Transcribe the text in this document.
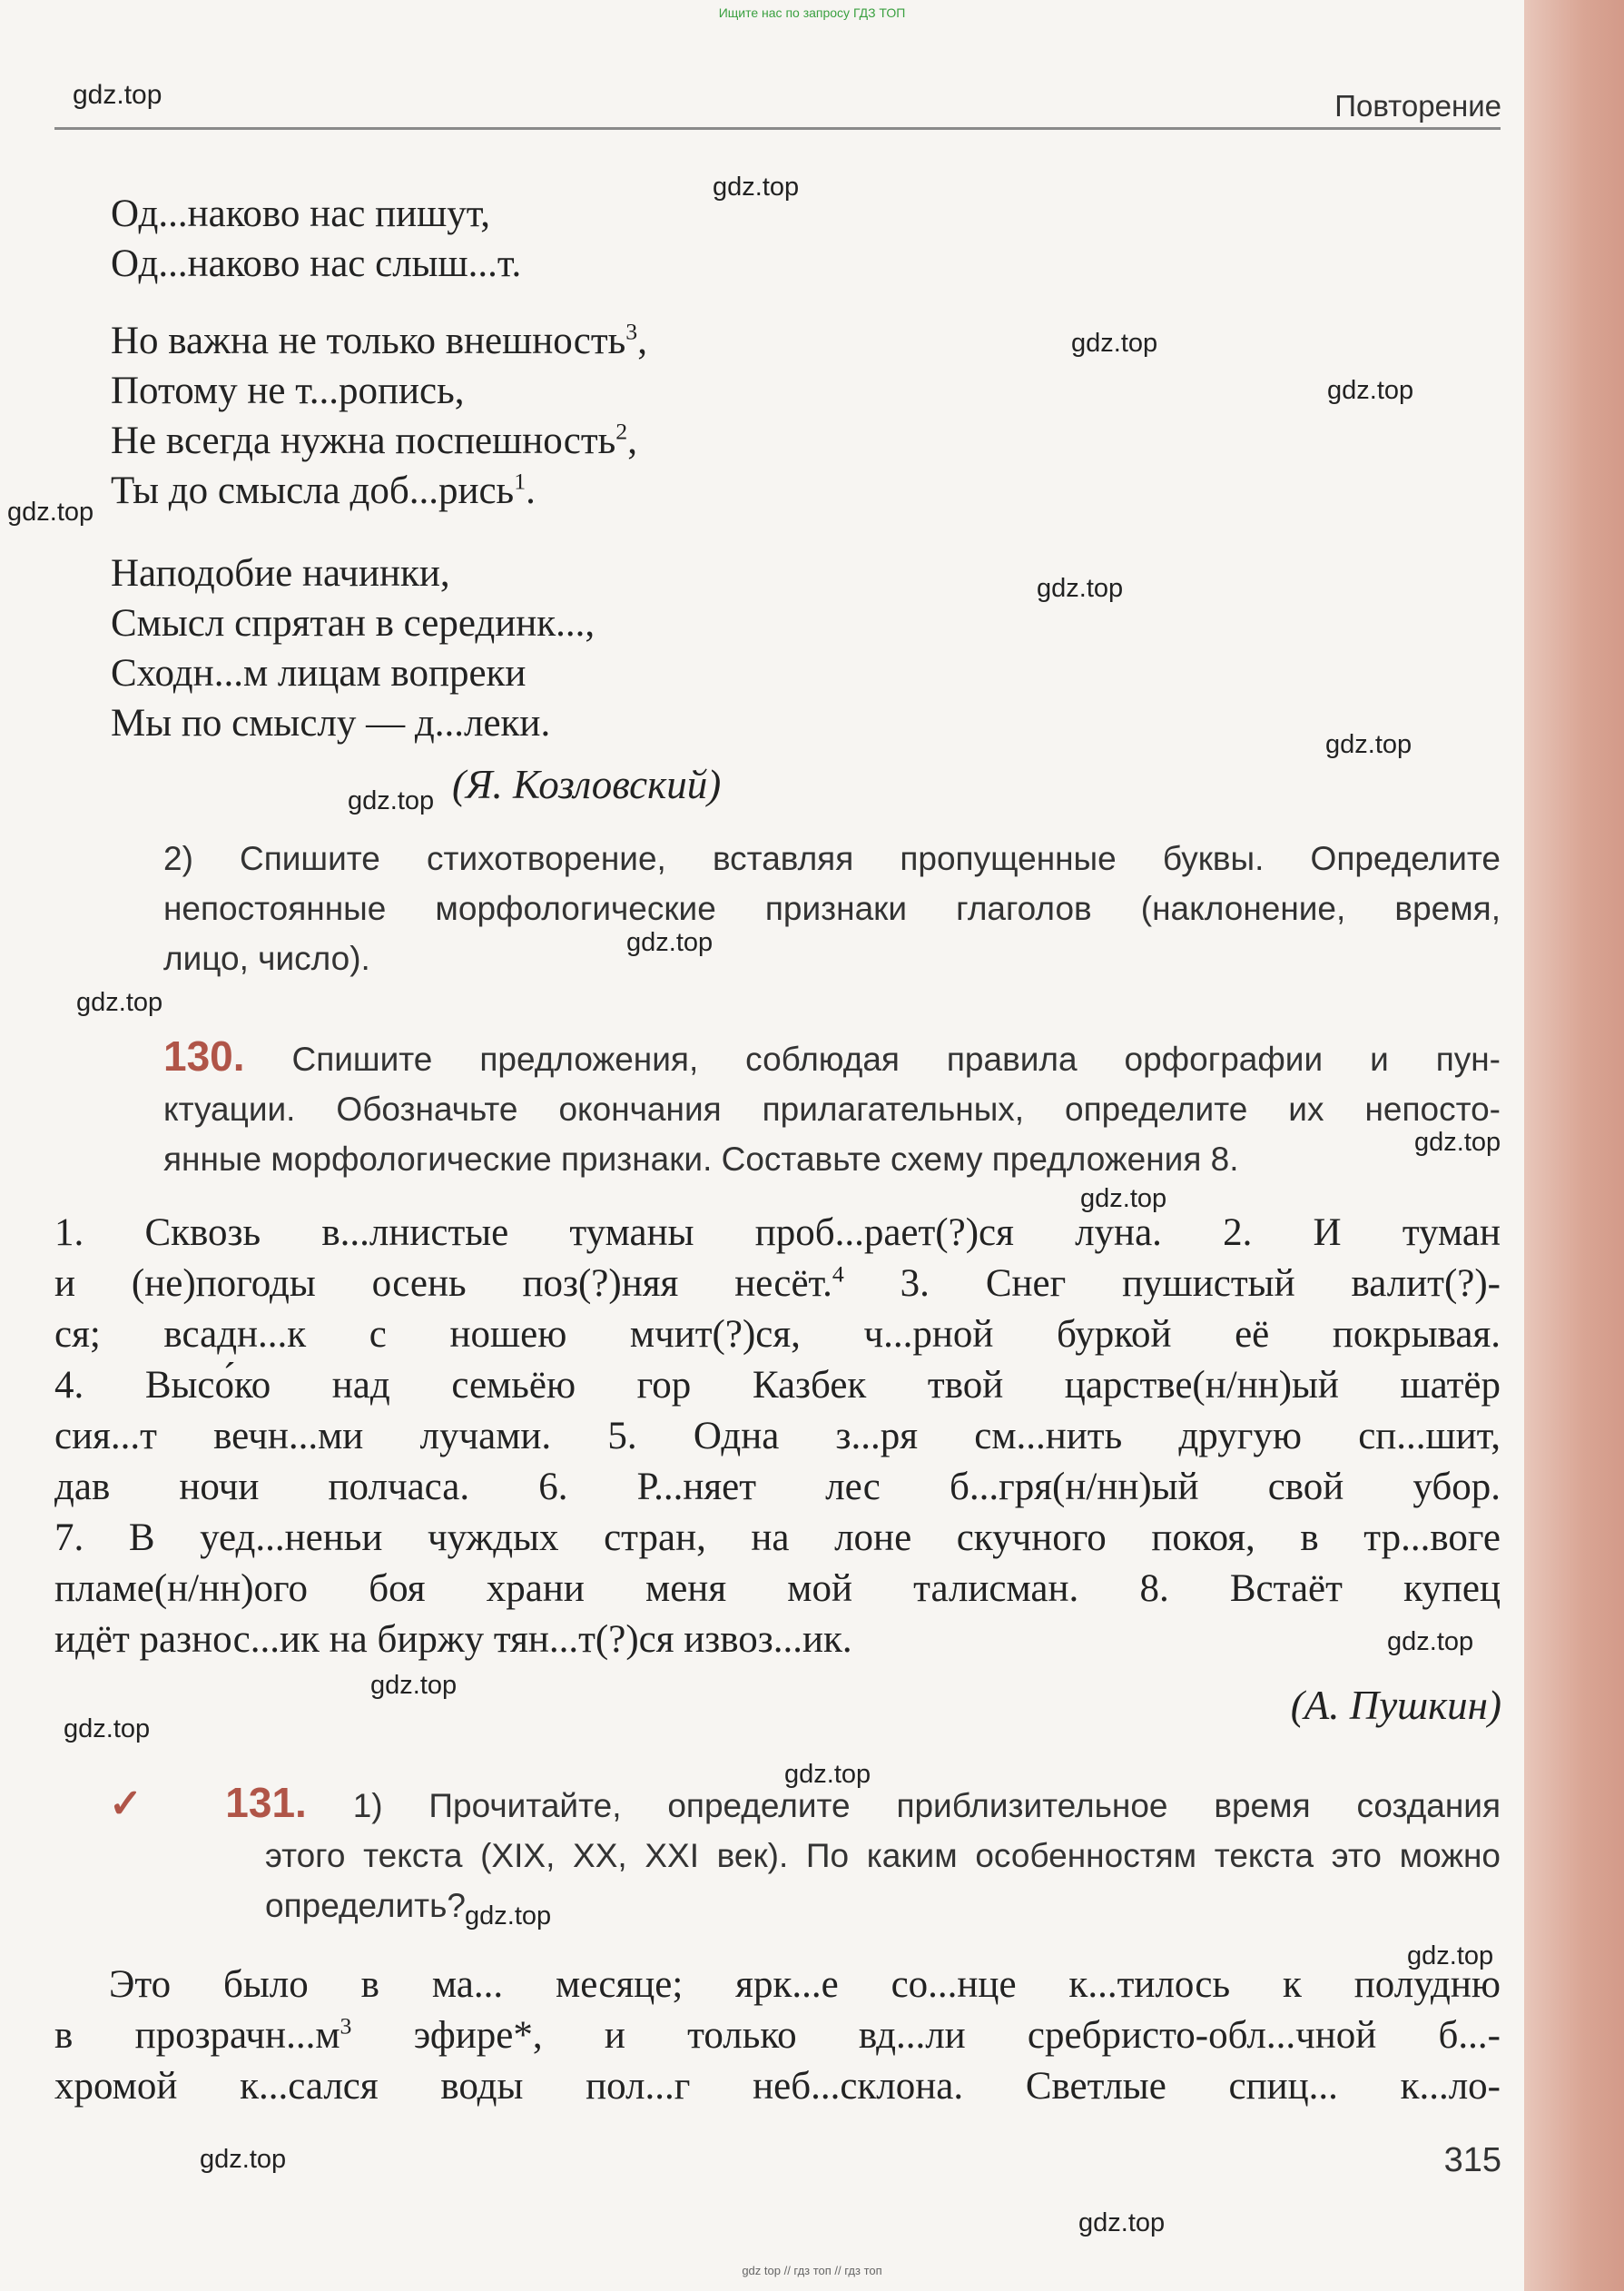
Ищите нас по запросу ГДЗ ТОП
gdz.top	Повторение
Од...наково нас пишут,
Од...наково нас слыш...т.
Но важна не только внешность$^3$,
Потому не т...ропись,
Не всегда нужна поспешность$^2$,
Ты до смысла доб...рись$^1$.
Наподобие начинки,
Смысл спрятан в серединк...,
Сходн...м лицам вопреки
Мы по смыслу — д...леки.
(Я. Козловский)
2) Спишите стихотворение, вставляя пропущенные буквы. Определите
непостоянные морфологические признаки глаголов (наклонение, время,
лицо, число).
130. Спишите предложения, соблюдая правила орфографии и пун-
ктуации. Обозначьте окончания прилагательных, определите их непосто-
янные морфологические признаки. Составьте схему предложения 8.
1. Сквозь в...лнистые туманы проб...рает(?)ся луна. 2. И туман
и (не)погоды осень поз(?)няя несёт.$^4$ 3. Снег пушистый валит(?)-
ся; всадн...к с ношею мчит(?)ся, ч...рной буркой её покрывая.
4. Высо́ко над семьёю гор Казбек твой царстве(н/нн)ый шатёр
сия...т вечн...ми лучами. 5. Одна з...ря см...нить другую сп...шит,
дав ночи полчаса. 6. Р...няет лес б...гря(н/нн)ый свой убор.
7. В уед...неньи чуждых стран, на лоне скучного покоя, в тр...воге
пламе(н/нн)ого боя храни меня мой талисман. 8. Встаёт купец
идёт разнос...ик на биржу тян...т(?)ся извоз...ик.
(А. Пушкин)
✓ 131. 1) Прочитайте, определите приблизительное время создания
этого текста (XIX, XX, XXI век). По каким особенностям текста это можно
определить?
Это было в ма... месяце; ярк...е со...нце к...тилось к полудню
в $прозрачн...м^3$ эфире*, и только вд...ли сребристо-обл...чной б...-
хромой к...сался воды пол...г неб...склона. Светлые спиц... к...ло-
315
gdz.top
gdz.top
gdz.top
gdz.top
gdz.top
gdz.top
gdz.top
gdz.top
gdz.top
gdz.top
gdz.top
gdz.top
gdz.top
gdz.top
gdz.top
gdz.top
gdz.top
gdz.top
gdz.top
gdz top // гдз топ // гдз топ
